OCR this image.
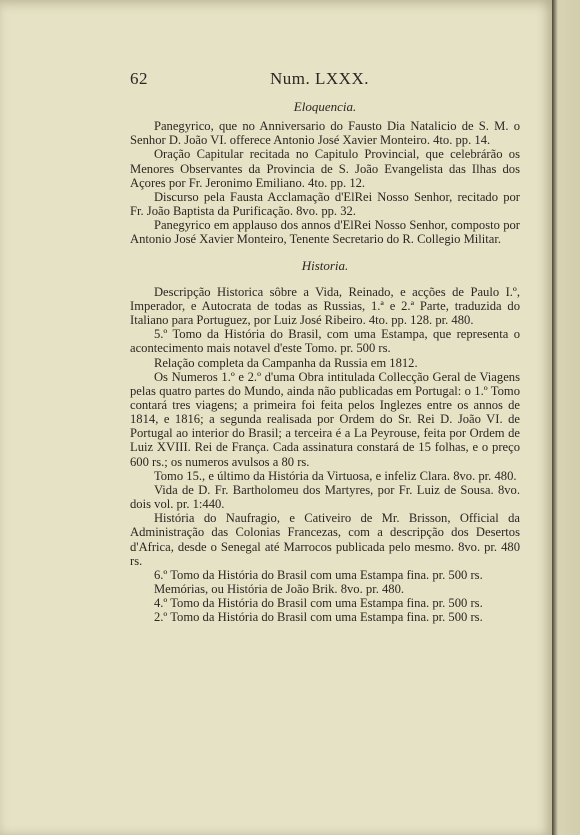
62	Num. LXXX.
Eloquencia.

Panegyrico, que no Anniversario do Fausto Dia Natalicio de S. M. o Senhor D. João VI. offerece Antonio José Xavier Monteiro. 4to. pp. 14.

Oração Capitular recitada no Capitulo Provincial, que celebrárão os Menores Observantes da Provincia de S. João Evangelista das Ilhas dos Açores por Fr. Jeronimo Emiliano. 4to. pp. 12.

Discurso pela Fausta Acclamação d'ElRei Nosso Senhor, recitado por Fr. João Baptista da Purificação. 8vo. pp. 32.

Panegyrico em applauso dos annos d'ElRei Nosso Senhor, composto por Antonio José Xavier Monteiro, Tenente Secretario do R. Collegio Militar.

Historia.

Descripção Historica sôbre a Vida, Reinado, e acções de Paulo I.º, Imperador, e Autocrata de todas as Russias, 1.ª e 2.ª Parte, traduzida do Italiano para Portuguez, por Luiz José Ribeiro. 4to. pp. 128. pr. 480.

5.º Tomo da História do Brasil, com uma Estampa, que representa o acontecimento mais notavel d'este Tomo. pr. 500 rs.

Relação completa da Campanha da Russia em 1812.

Os Numeros 1.º e 2.º d'uma Obra intitulada Collecção Geral de Viagens pelas quatro partes do Mundo, ainda não publicadas em Portugal: o 1.º Tomo contará tres viagens; a primeira foi feita pelos Inglezes entre os annos de 1814, e 1816; a segunda realisada por Ordem do Sr. Rei D. João VI. de Portugal ao interior do Brasil; a terceira é a La Peyrouse, feita por Ordem de Luiz XVIII. Rei de França. Cada assinatura constará de 15 folhas, e o preço 600 rs.; os numeros avulsos a 80 rs.

Tomo 15., e último da História da Virtuosa, e infeliz Clara. 8vo. pr. 480.

Vida de D. Fr. Bartholomeu dos Martyres, por Fr. Luiz de Sousa. 8vo. dois vol. pr. 1:440.

História do Naufragio, e Cativeiro de Mr. Brisson, Official da Administração das Colonias Francezas, com a descripção dos Desertos d'Africa, desde o Senegal até Marrocos publicada pelo mesmo. 8vo. pr. 480 rs.

6.º Tomo da História do Brasil com uma Estampa fina. pr. 500 rs.

Memórias, ou História de João Brik. 8vo. pr. 480.

4.º Tomo da História do Brasil com uma Estampa fina. pr. 500 rs.

2.º Tomo da História do Brasil com uma Estampa fina. pr. 500 rs.
